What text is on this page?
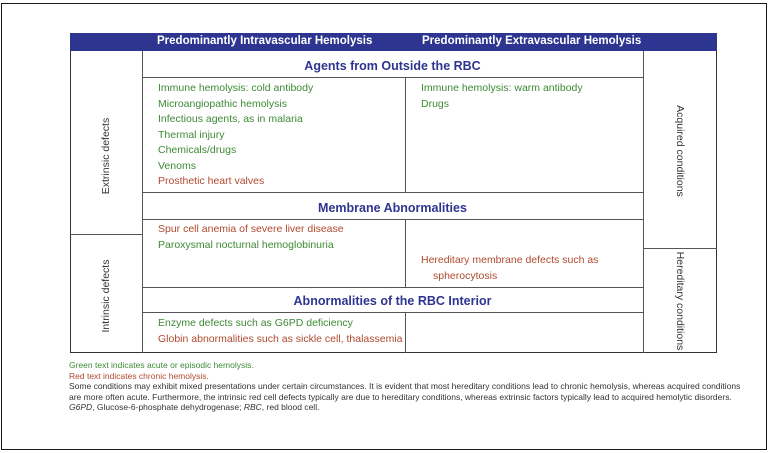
Predominantly Intravascular Hemolysis	Predominantly Extravascular Hemolysis
Extrinsic defects
Intrinsic defects
Acquired conditions
Hereditary conditions
Agents from Outside the RBC
Membrane Abnormalities
Abnormalities of the RBC Interior
Immune hemolysis: cold antibody
Microangiopathic hemolysis
Infectious agents, as in malaria
Thermal injury
Chemicals/drugs
Venoms
Prosthetic heart valves
Immune hemolysis: warm antibody
Drugs
Spur cell anemia of severe liver disease
Paroxysmal nocturnal hemoglobinuria
Hereditary membrane defects such as
spherocytosis
Enzyme defects such as G6PD deficiency
Globin abnormalities such as sickle cell, thalassemia
Green text indicates acute or episodic hemolysis.
Red text indicates chronic hemolysis.
Some conditions may exhibit mixed presentations under certain circumstances. It is evident that most hereditary conditions lead to chronic hemolysis, whereas acquired conditions are more often acute. Furthermore, the intrinsic red cell defects typically are due to hereditary conditions, whereas extrinsic factors typically lead to acquired hemolytic disorders.
G6PD, Glucose-6-phosphate dehydrogenase; RBC, red blood cell.
